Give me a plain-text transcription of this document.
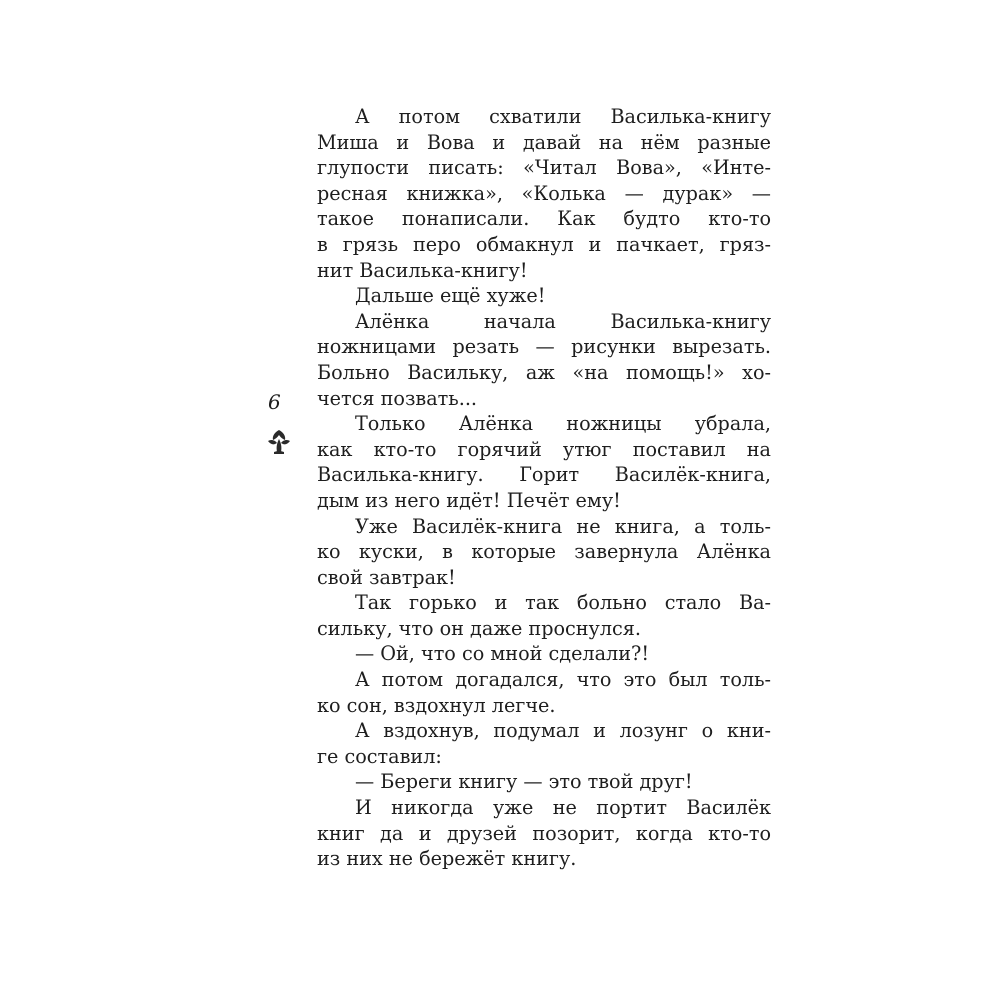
6
А потом схватили Василька-книгу
Миша и Вова и давай на нём разные
глупости писать: «Читал Вова», «Инте-
ресная книжка», «Колька — дурак» —
такое понаписали. Как будто кто-то
в грязь перо обмакнул и пачкает, гряз-
нит Василька-книгу!
Дальше ещё хуже!
Алёнка начала Василька-книгу
ножницами резать — рисунки вырезать.
Больно Васильку, аж «на помощь!» хо-
чется позвать...
Только Алёнка ножницы убрала,
как кто-то горячий утюг поставил на
Василька-книгу. Горит Василёк-книга,
дым из него идёт! Печёт ему!
Уже Василёк-книга не книга, а толь-
ко куски, в которые завернула Алёнка
свой завтрак!
Так горько и так больно стало Ва-
сильку, что он даже проснулся.
— Ой, что со мной сделали?!
А потом догадался, что это был толь-
ко сон, вздохнул легче.
А вздохнув, подумал и лозунг о кни-
ге составил:
— Береги книгу — это твой друг!
И никогда уже не портит Василёк
книг да и друзей позорит, когда кто-то
из них не бережёт книгу.
